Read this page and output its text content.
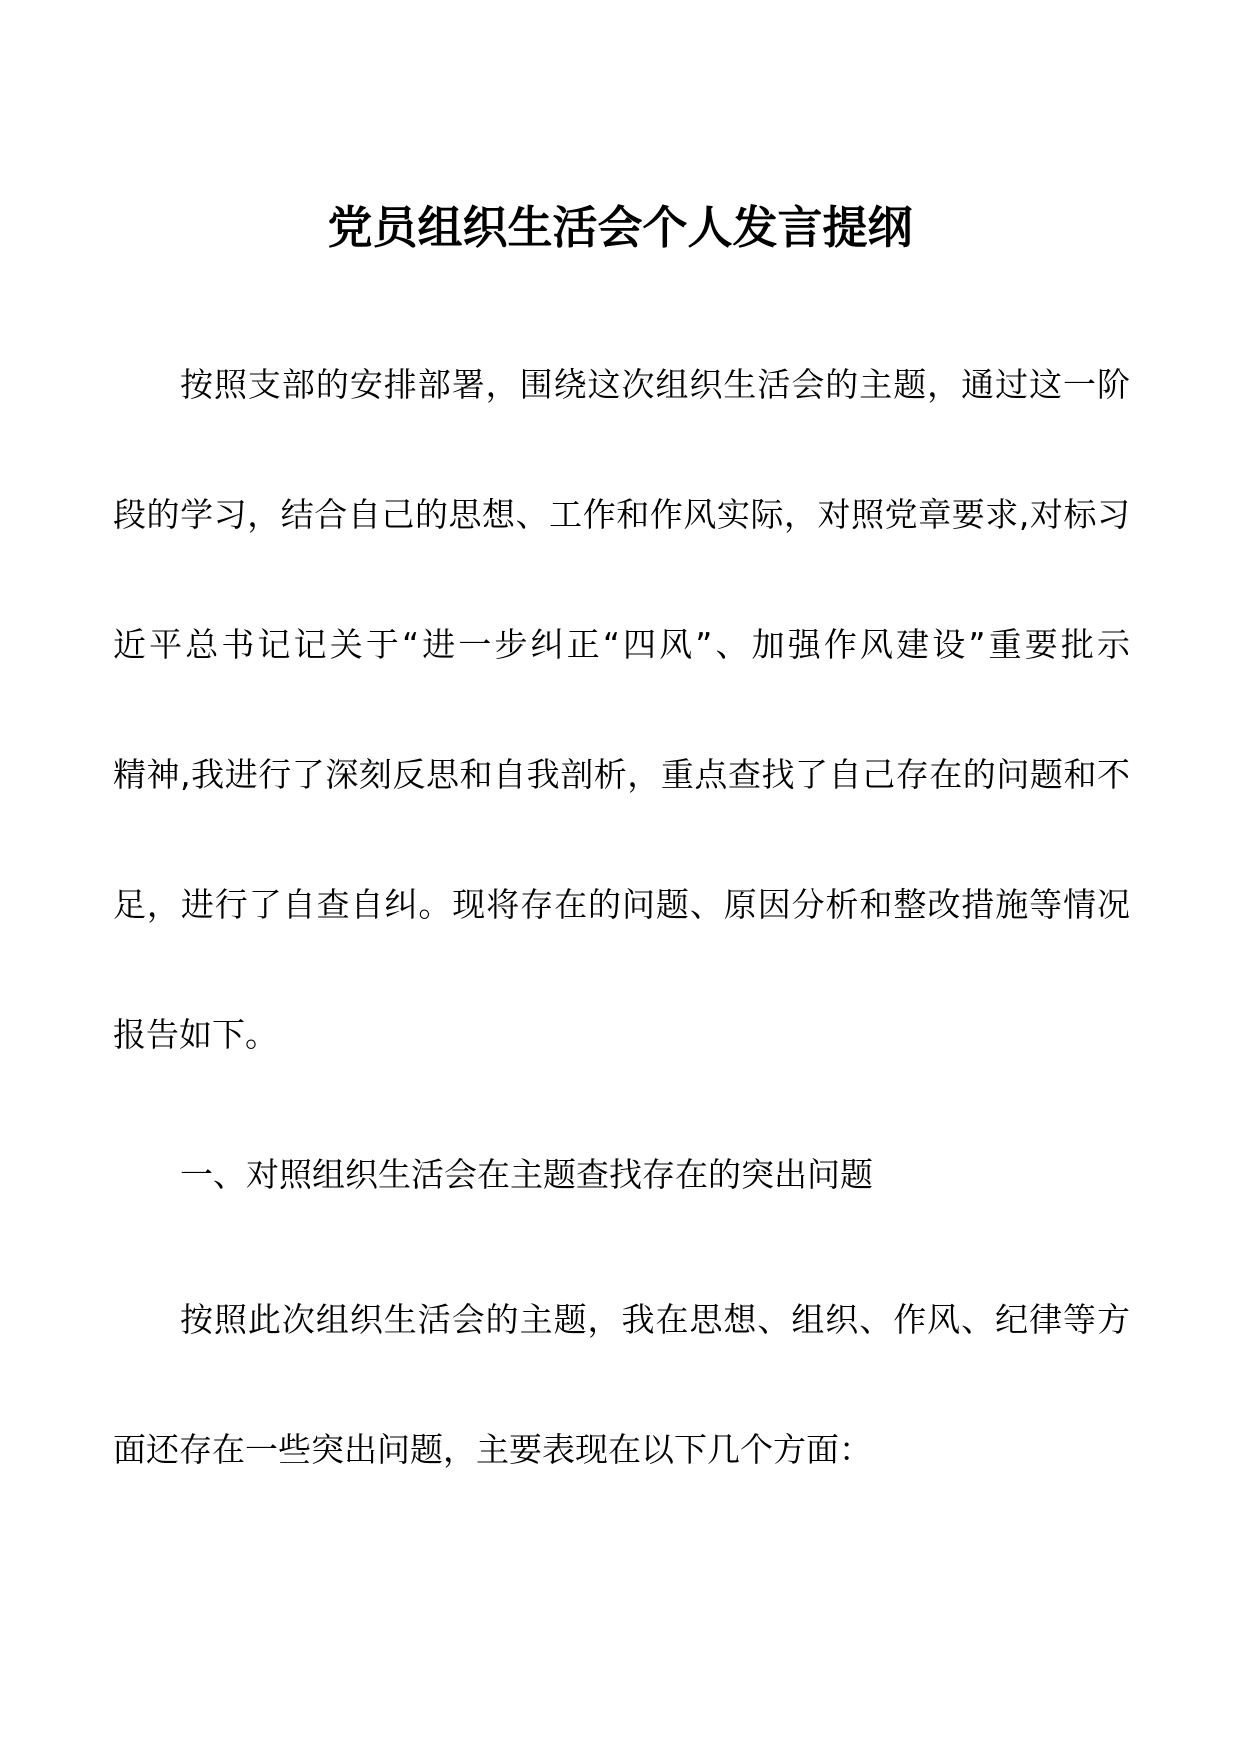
党员组织生活会个人发言提纲
按照支部的安排部署，围绕这次组织生活会的主题，通过这一阶
段的学习，结合自己的思想、工作和作风实际，对照党章要求,对标习
近平总书记记关于“进一步纠正“四风”、加强作风建设”重要批示
精神,我进行了深刻反思和自我剖析，重点查找了自己存在的问题和不
足，进行了自查自纠。现将存在的问题、原因分析和整改措施等情况
报告如下。
一、对照组织生活会在主题查找存在的突出问题
按照此次组织生活会的主题，我在思想、组织、作风、纪律等方
面还存在一些突出问题，主要表现在以下几个方面：
